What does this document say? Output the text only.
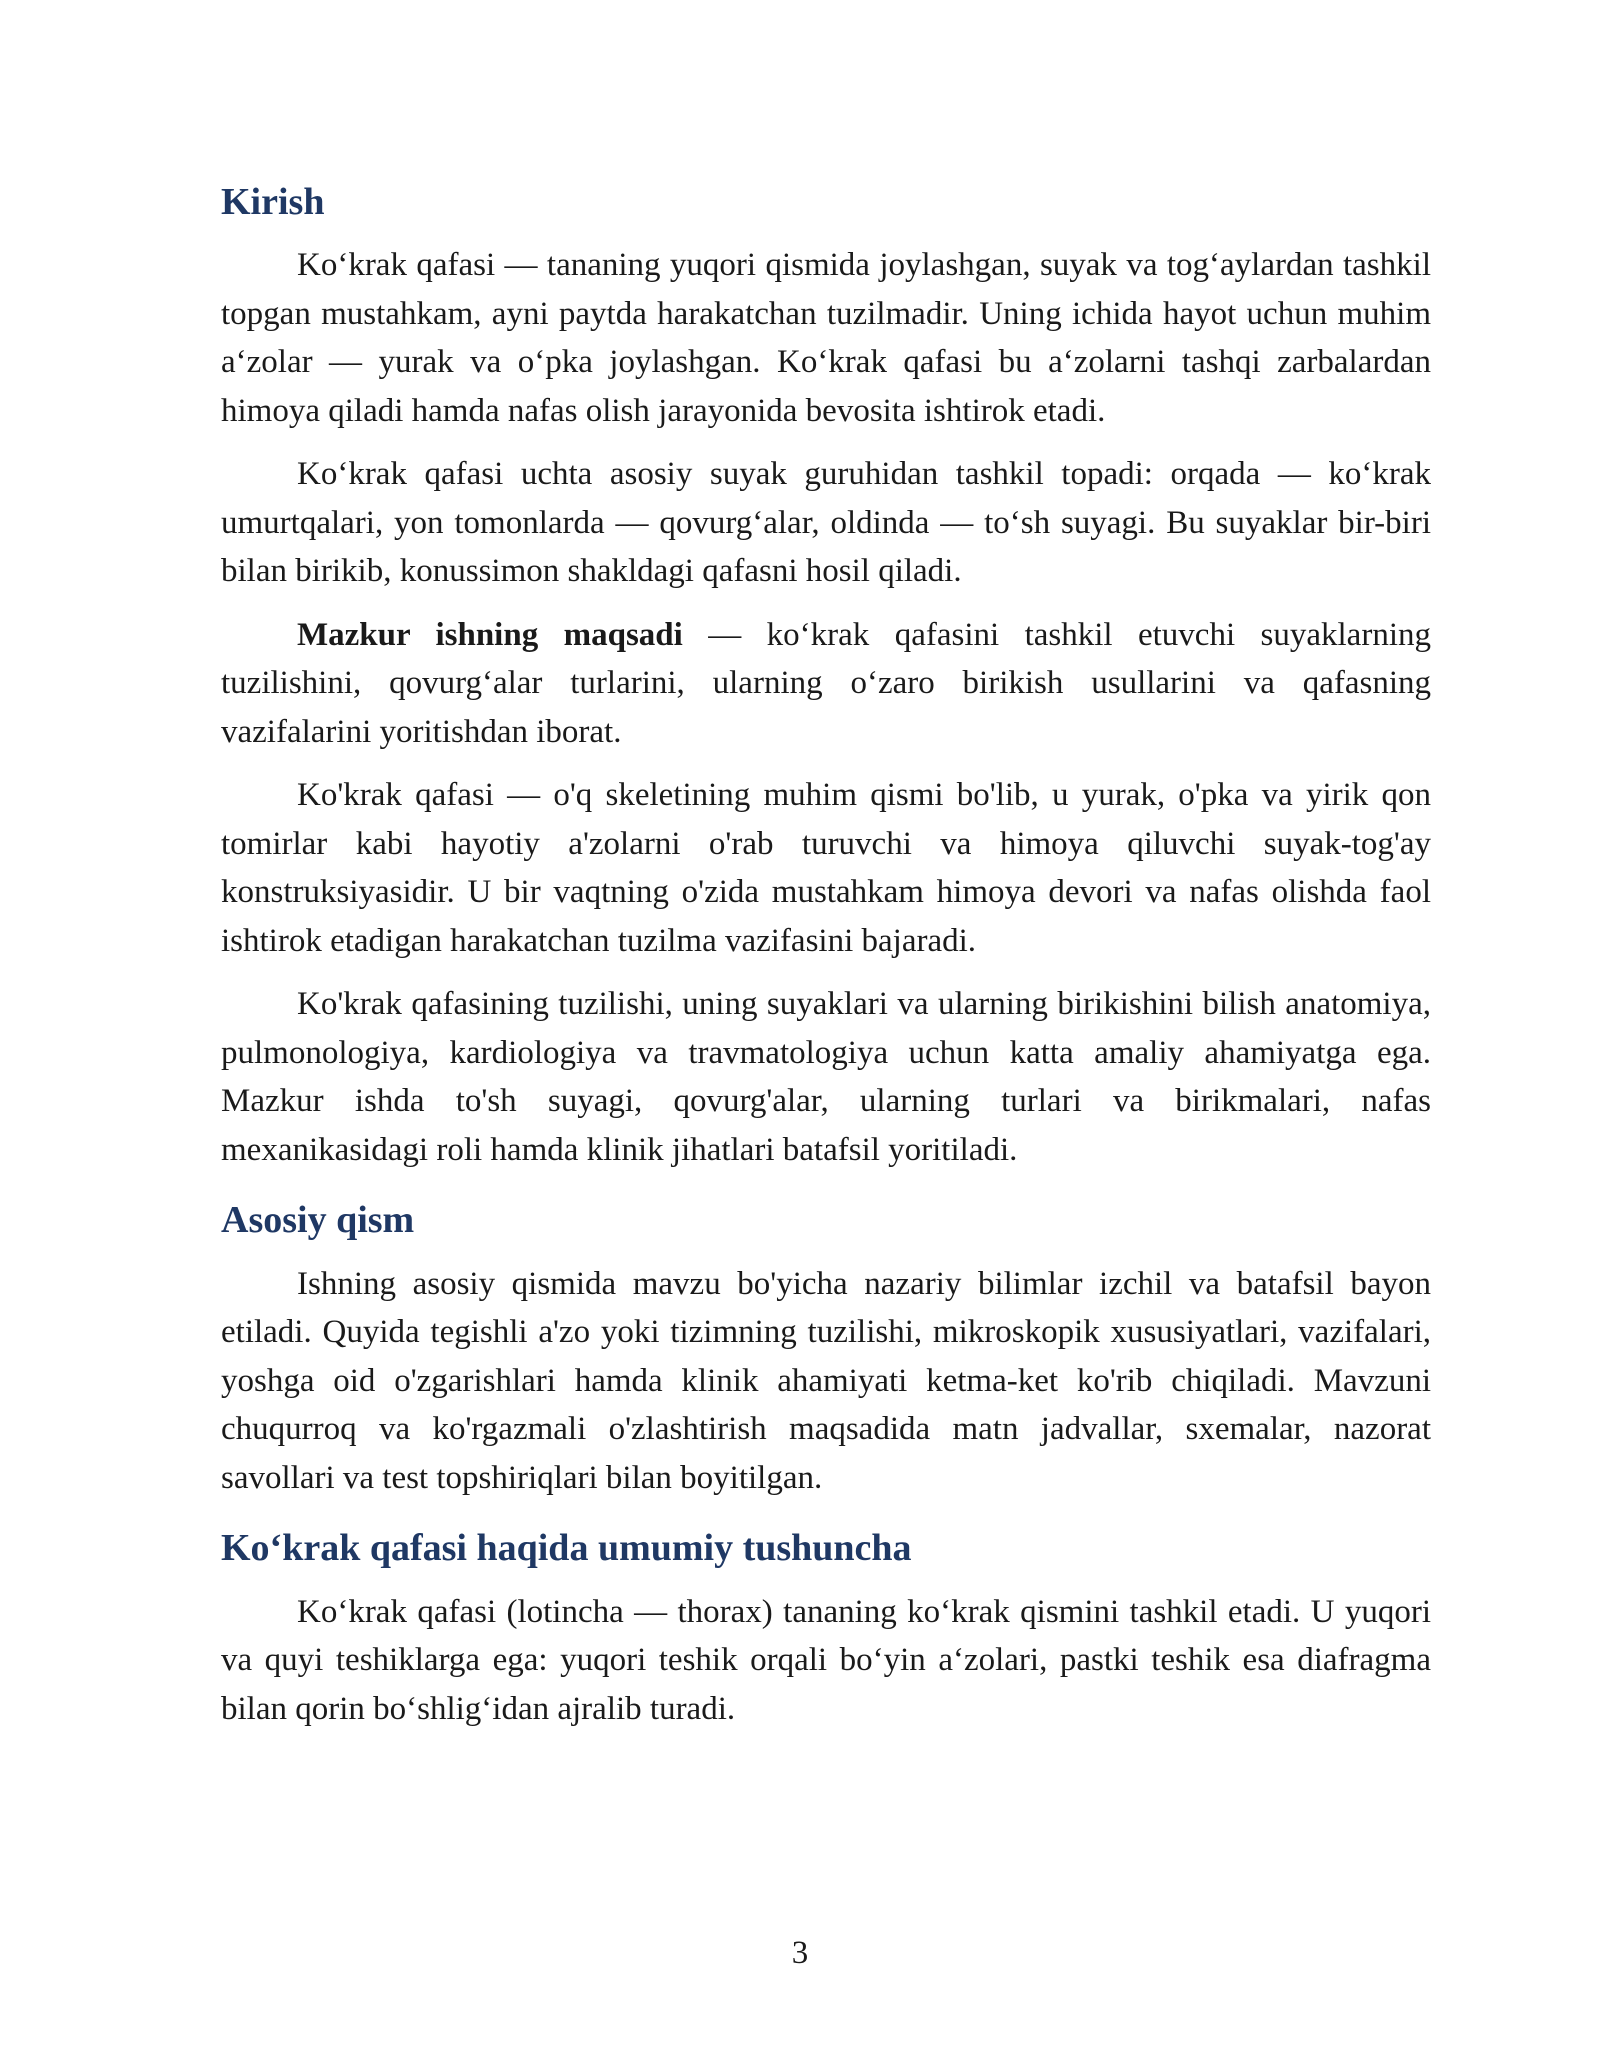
Kirish

Ko‘krak qafasi — tananing yuqori qismida joylashgan, suyak va tog‘aylardan tashkil topgan mustahkam, ayni paytda harakatchan tuzilmadir. Uning ichida hayot uchun muhim a‘zolar — yurak va o‘pka joylashgan. Ko‘krak qafasi bu a‘zolarni tashqi zarbalardan himoya qiladi hamda nafas olish jarayonida bevosita ishtirok etadi.

Ko‘krak qafasi uchta asosiy suyak guruhidan tashkil topadi: orqada — ko‘krak umurtqalari, yon tomonlarda — qovurg‘alar, oldinda — to‘sh suyagi. Bu suyaklar bir-biri bilan birikib, konussimon shakldagi qafasni hosil qiladi.

Mazkur ishning maqsadi — ko‘krak qafasini tashkil etuvchi suyaklarning tuzilishini, qovurg‘alar turlarini, ularning o‘zaro birikish usullarini va qafasning vazifalarini yoritishdan iborat.

Ko'krak qafasi — o'q skeletining muhim qismi bo'lib, u yurak, o'pka va yirik qon tomirlar kabi hayotiy a'zolarni o'rab turuvchi va himoya qiluvchi suyak-tog'ay konstruksiyasidir. U bir vaqtning o'zida mustahkam himoya devori va nafas olishda faol ishtirok etadigan harakatchan tuzilma vazifasini bajaradi.

Ko'krak qafasining tuzilishi, uning suyaklari va ularning birikishini bilish anatomiya, pulmonologiya, kardiologiya va travmatologiya uchun katta amaliy ahamiyatga ega. Mazkur ishda to'sh suyagi, qovurg'alar, ularning turlari va birikmalari, nafas mexanikasidagi roli hamda klinik jihatlari batafsil yoritiladi.

Asosiy qism

Ishning asosiy qismida mavzu bo'yicha nazariy bilimlar izchil va batafsil bayon etiladi. Quyida tegishli a'zo yoki tizimning tuzilishi, mikroskopik xususiyatlari, vazifalari, yoshga oid o'zgarishlari hamda klinik ahamiyati ketma-ket ko'rib chiqiladi. Mavzuni chuqurroq va ko'rgazmali o'zlashtirish maqsadida matn jadvallar, sxemalar, nazorat savollari va test topshiriqlari bilan boyitilgan.

Ko‘krak qafasi haqida umumiy tushuncha

Ko‘krak qafasi (lotincha — thorax) tananing ko‘krak qismini tashkil etadi. U yuqori va quyi teshiklarga ega: yuqori teshik orqali bo‘yin a‘zolari, pastki teshik esa diafragma bilan qorin bo‘shlig‘idan ajralib turadi.

3
